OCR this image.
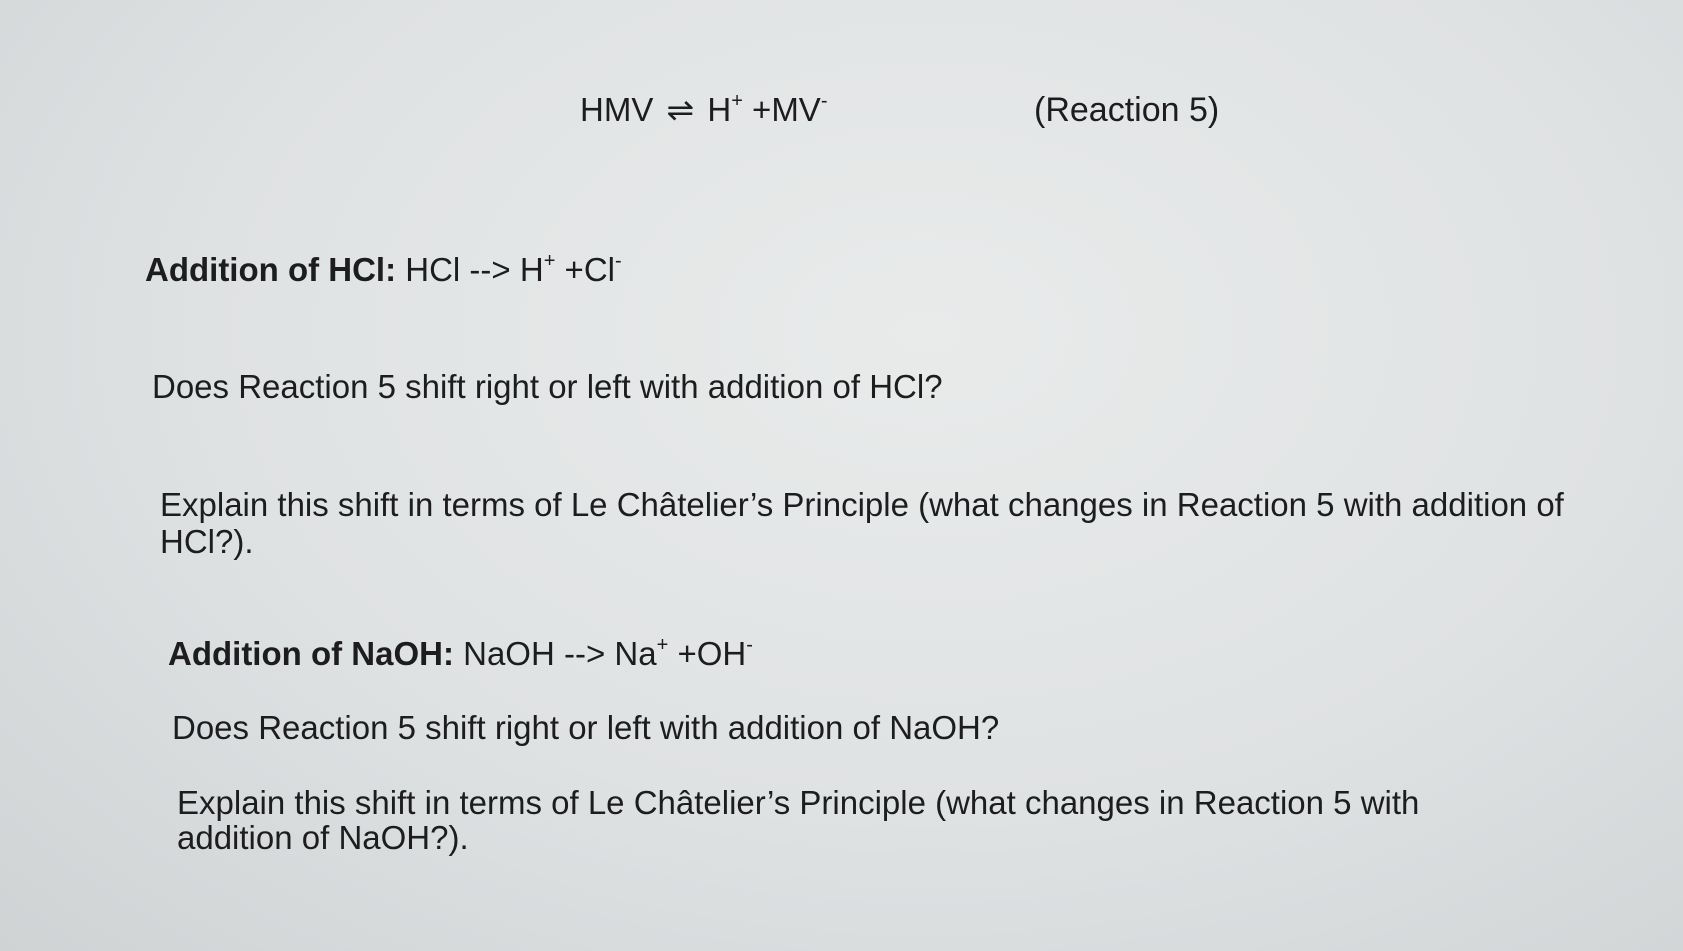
HMV ⇌ H+ +MV-	(Reaction 5)
Addition of HCl: HCl --> H+ +Cl-
Does Reaction 5 shift right or left with addition of HCl?
Explain this shift in terms of Le Châtelier’s Principle (what changes in Reaction 5 with addition of HCl?).
Addition of NaOH: NaOH --> Na+ +OH-
Does Reaction 5 shift right or left with addition of NaOH?
Explain this shift in terms of Le Châtelier’s Principle (what changes in Reaction 5 with addition of NaOH?).
